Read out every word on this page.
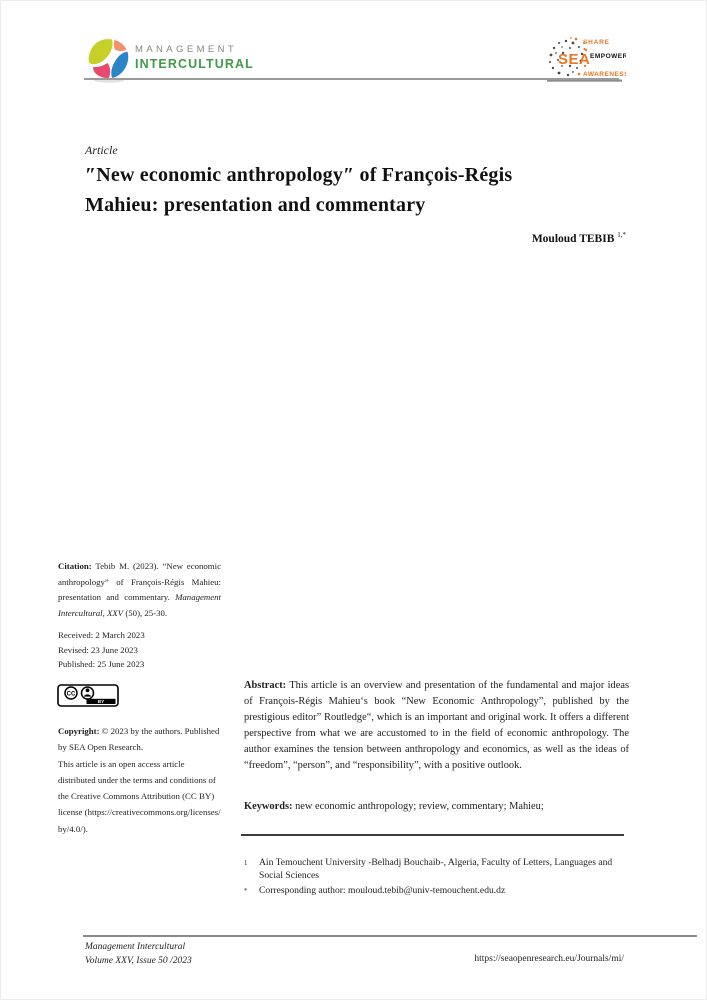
MANAGEMENT
INTERCULTURAL	SEA
SHARE
EMPOWER
AWARENESS
Article
″New economic anthropology″ of François-Régis Mahieu: presentation and commentary
Mouloud TEBIB $^{1,*}$
Citation: Tebib M. (2023). “New economic anthropology” of François-Régis Mahieu: presentation and commentary. Management Intercultural, XXV (50), 25-30.
Received: 2 March 2023
Revised: 23 June 2023
Published: 25 June 2023
CC
BY
Copyright: © 2023 by the authors. Published by SEA Open Research.
This article is an open access article distributed under the terms and conditions of the Creative Commons Attribution (CC BY) license (https://creativecommons.org/licenses/by/4.0/).
Abstract: This article is an overview and presentation of the fundamental and major ideas of François-Régis Mahieu‘s book “New Economic Anthropology”, published by the prestigious editor” Routledge“, which is an important and original work. It offers a different perspective from what we are accustomed to in the field of economic anthropology. The author examines the tension between anthropology and economics, as well as the ideas of “freedom”, “person”, and “responsibility”, with a positive outlook.
Keywords: new economic anthropology; review, commentary; Mahieu;
1	Ain Temouchent University -Belhadj Bouchaib-, Algeria, Faculty of Letters, Languages and Social Sciences
*	Corresponding author: mouloud.tebib@univ-temouchent.edu.dz
Management Intercultural
Volume XXV, Issue 50 /2023	https://seaopenresearch.eu/Journals/mi/
